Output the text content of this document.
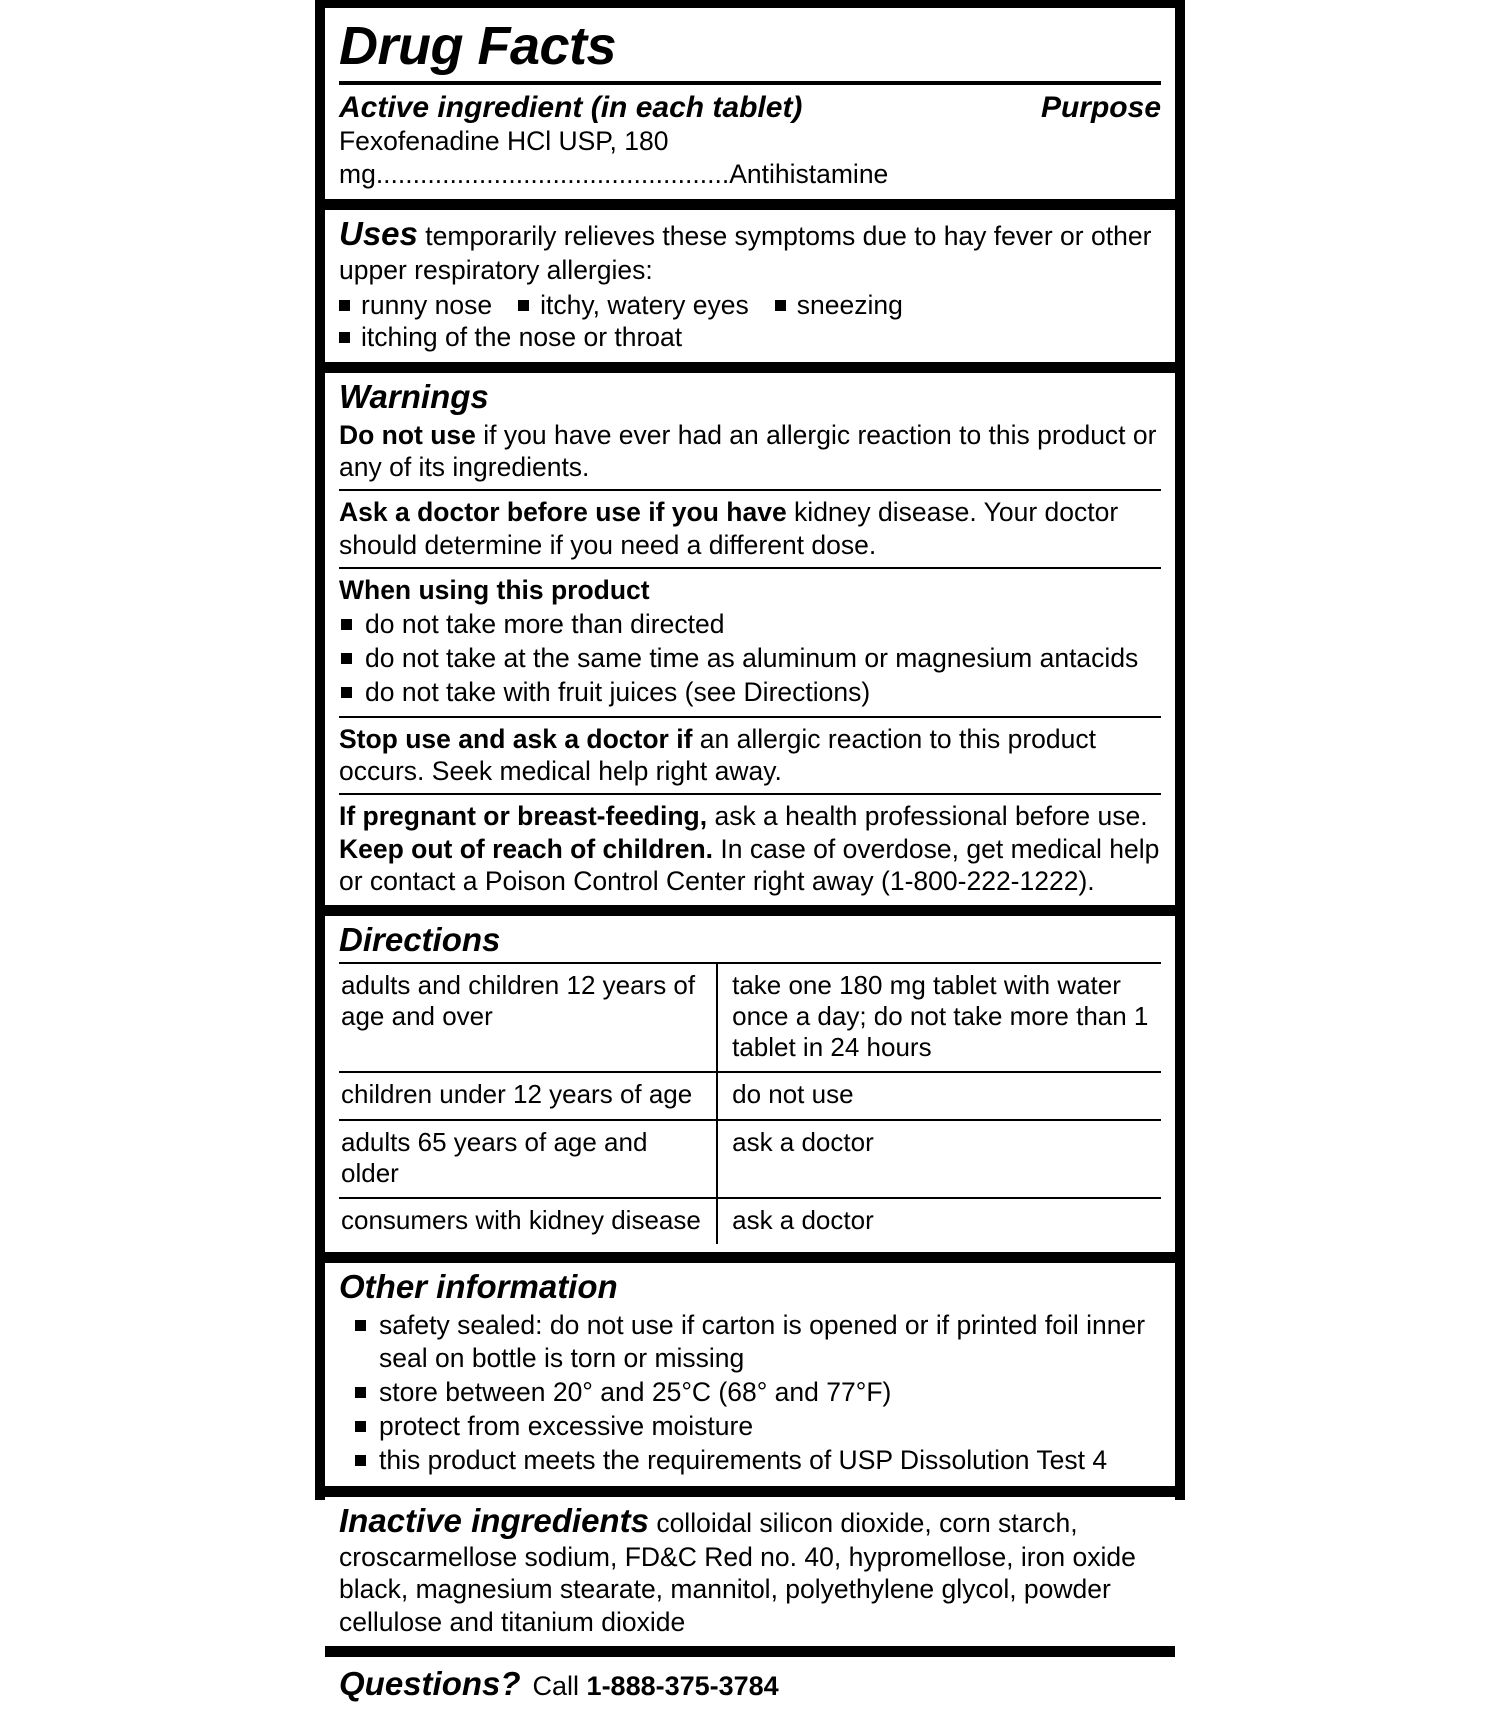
Drug Facts
Active ingredient (in each tablet)	Purpose
Fexofenadine HCl USP, 180 mg................................................Antihistamine
Uses temporarily relieves these symptoms due to hay fever or other upper respiratory allergies:
runny nose	itchy, watery eyes	sneezing
itching of the nose or throat
Warnings

Do not use if you have ever had an allergic reaction to this product or any of its ingredients.

Ask a doctor before use if you have kidney disease. Your doctor should determine if you need a different dose.

When using this product
do not take more than directed
do not take at the same time as aluminum or magnesium antacids
do not take with fruit juices (see Directions)

Stop use and ask a doctor if an allergic reaction to this product occurs. Seek medical help right away.

If pregnant or breast-feeding, ask a health professional before use.

Keep out of reach of children. In case of overdose, get medical help or contact a Poison Control Center right away (1-800-222-1222).

Directions
adults and children 12 years of age and over	take one 180 mg tablet with water once a day; do not take more than 1 tablet in 24 hours
children under 12 years of age	do not use
adults 65 years of age and older	ask a doctor
consumers with kidney disease	ask a doctor
Other information
safety sealed: do not use if carton is opened or if printed foil inner seal on bottle is torn or missing
store between 20° and 25°C (68° and 77°F)
protect from excessive moisture
this product meets the requirements of USP Dissolution Test 4
Inactive ingredients colloidal silicon dioxide, corn starch, croscarmellose sodium, FD&C Red no. 40, hypromellose, iron oxide black, magnesium stearate, mannitol, polyethylene glycol, powder cellulose and titanium dioxide
Questions? Call 1-888-375-3784
